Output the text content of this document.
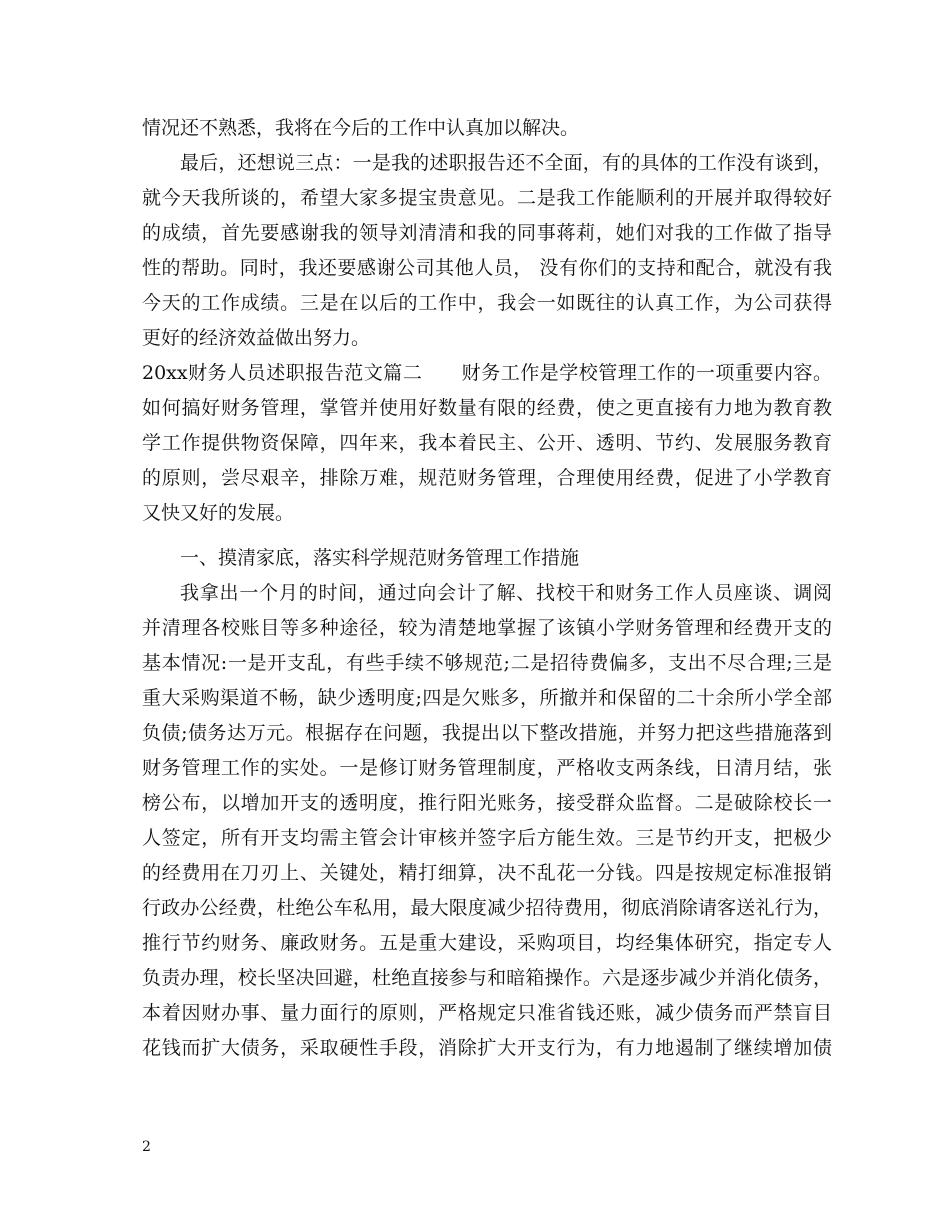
情况还不熟悉，我将在今后的工作中认真加以解决。
最后，还想说三点：一是我的述职报告还不全面，有的具体的工作没有谈到，
就今天我所谈的，希望大家多提宝贵意见。二是我工作能顺利的开展并取得较好
的成绩，首先要感谢我的领导刘清清和我的同事蒋莉，她们对我的工作做了指导
性的帮助。同时，我还要感谢公司其他人员， 没有你们的支持和配合，就没有我
今天的工作成绩。三是在以后的工作中，我会一如既往的认真工作，为公司获得
更好的经济效益做出努力。
20xx财务人员述职报告范文篇二      财务工作是学校管理工作的一项重要内容。
如何搞好财务管理，掌管并使用好数量有限的经费，使之更直接有力地为教育教
学工作提供物资保障，四年来，我本着民主、公开、透明、节约、发展服务教育
的原则，尝尽艰辛，排除万难，规范财务管理，合理使用经费，促进了小学教育
又快又好的发展。
一、摸清家底，落实科学规范财务管理工作措施
我拿出一个月的时间，通过向会计了解、找校干和财务工作人员座谈、调阅
并清理各校账目等多种途径，较为清楚地掌握了该镇小学财务管理和经费开支的
基本情况:一是开支乱，有些手续不够规范;二是招待费偏多，支出不尽合理;三是
重大采购渠道不畅，缺少透明度;四是欠账多，所撤并和保留的二十余所小学全部
负债;债务达万元。根据存在问题，我提出以下整改措施，并努力把这些措施落到
财务管理工作的实处。一是修订财务管理制度，严格收支两条线，日清月结，张
榜公布，以增加开支的透明度，推行阳光账务，接受群众监督。二是破除校长一
人签定，所有开支均需主管会计审核并签字后方能生效。三是节约开支，把极少
的经费用在刀刃上、关键处，精打细算，决不乱花一分钱。四是按规定标准报销
行政办公经费，杜绝公车私用，最大限度减少招待费用，彻底消除请客送礼行为，
推行节约财务、廉政财务。五是重大建设，采购项目，均经集体研究，指定专人
负责办理，校长坚决回避，杜绝直接参与和暗箱操作。六是逐步减少并消化债务，
本着因财办事、量力面行的原则，严格规定只准省钱还账，减少债务而严禁盲目
花钱而扩大债务，采取硬性手段，消除扩大开支行为，有力地遏制了继续增加债
2
